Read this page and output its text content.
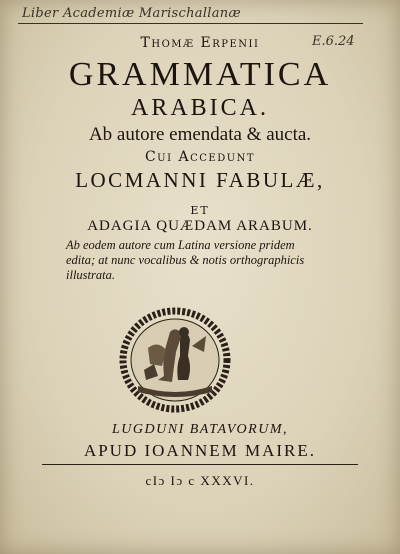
Liber Academiæ Marischallanæ
E.6.24
Thomæ Erpenii
GRAMMATICA
ARABICA.
Ab autore emendata & aucta.
Cui Accedunt
LOCMANNI FABULÆ,
ET
ADAGIA QUÆDAM ARABUM.
Ab eodem autore cum Latina versione pridem
edita; at nunc vocalibus & notis orthographicis
illustrata.
LUGDUNI BATAVORUM,
APUD IOANNEM MAIRE.
cIɔ Iɔ c XXXVI.
